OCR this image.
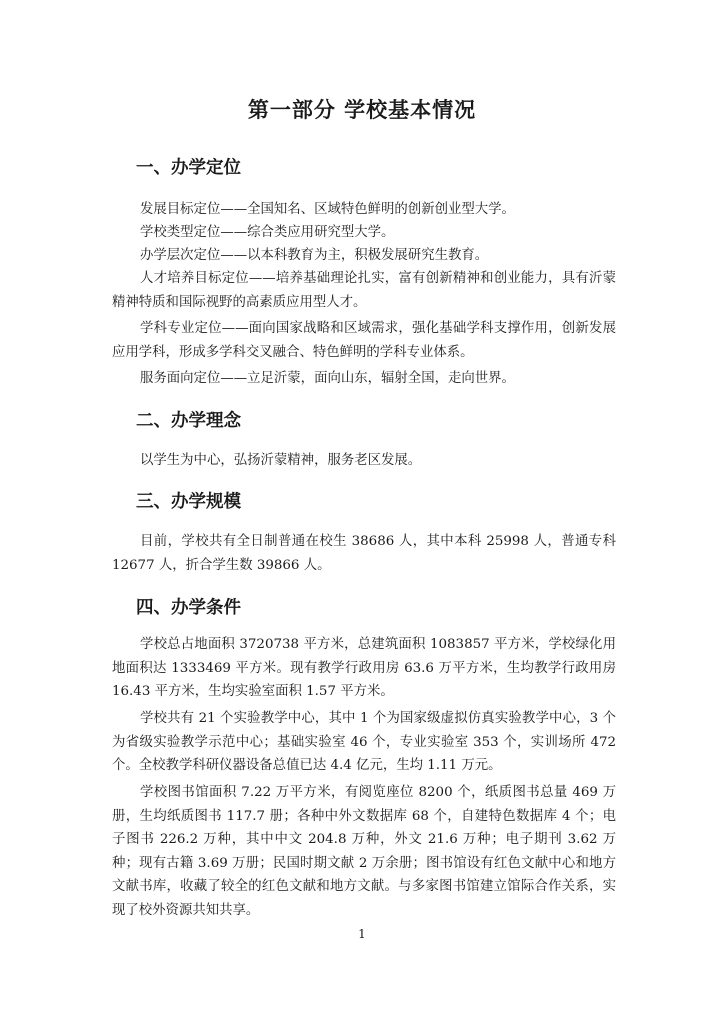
第一部分 学校基本情况
一、办学定位

发展目标定位——全国知名、区域特色鲜明的创新创业型大学。

学校类型定位——综合类应用研究型大学。

办学层次定位——以本科教育为主，积极发展研究生教育。

人才培养目标定位——培养基础理论扎实，富有创新精神和创业能力，具有沂蒙精神特质和国际视野的高素质应用型人才。

学科专业定位——面向国家战略和区域需求，强化基础学科支撑作用，创新发展应用学科，形成多学科交叉融合、特色鲜明的学科专业体系。

服务面向定位——立足沂蒙，面向山东，辐射全国，走向世界。

二、办学理念

以学生为中心，弘扬沂蒙精神，服务老区发展。

三、办学规模

目前，学校共有全日制普通在校生 38686 人，其中本科 25998 人，普通专科 12677 人，折合学生数 39866 人。

四、办学条件

学校总占地面积 3720738 平方米，总建筑面积 1083857 平方米，学校绿化用地面积达 1333469 平方米。现有教学行政用房 63.6 万平方米，生均教学行政用房 16.43 平方米，生均实验室面积 1.57 平方米。

学校共有 21 个实验教学中心，其中 1 个为国家级虚拟仿真实验教学中心，3 个为省级实验教学示范中心；基础实验室 46 个，专业实验室 353 个，实训场所 472 个。全校教学科研仪器设备总值已达 4.4 亿元，生均 1.11 万元。

学校图书馆面积 7.22 万平方米，有阅览座位 8200 个，纸质图书总量 469 万册，生均纸质图书 117.7 册；各种中外文数据库 68 个，自建特色数据库 4 个；电子图书 226.2 万种，其中中文 204.8 万种，外文 21.6 万种；电子期刊 3.62 万种；现有古籍 3.69 万册；民国时期文献 2 万余册；图书馆设有红色文献中心和地方文献书库，收藏了较全的红色文献和地方文献。与多家图书馆建立馆际合作关系，实现了校外资源共知共享。

1
